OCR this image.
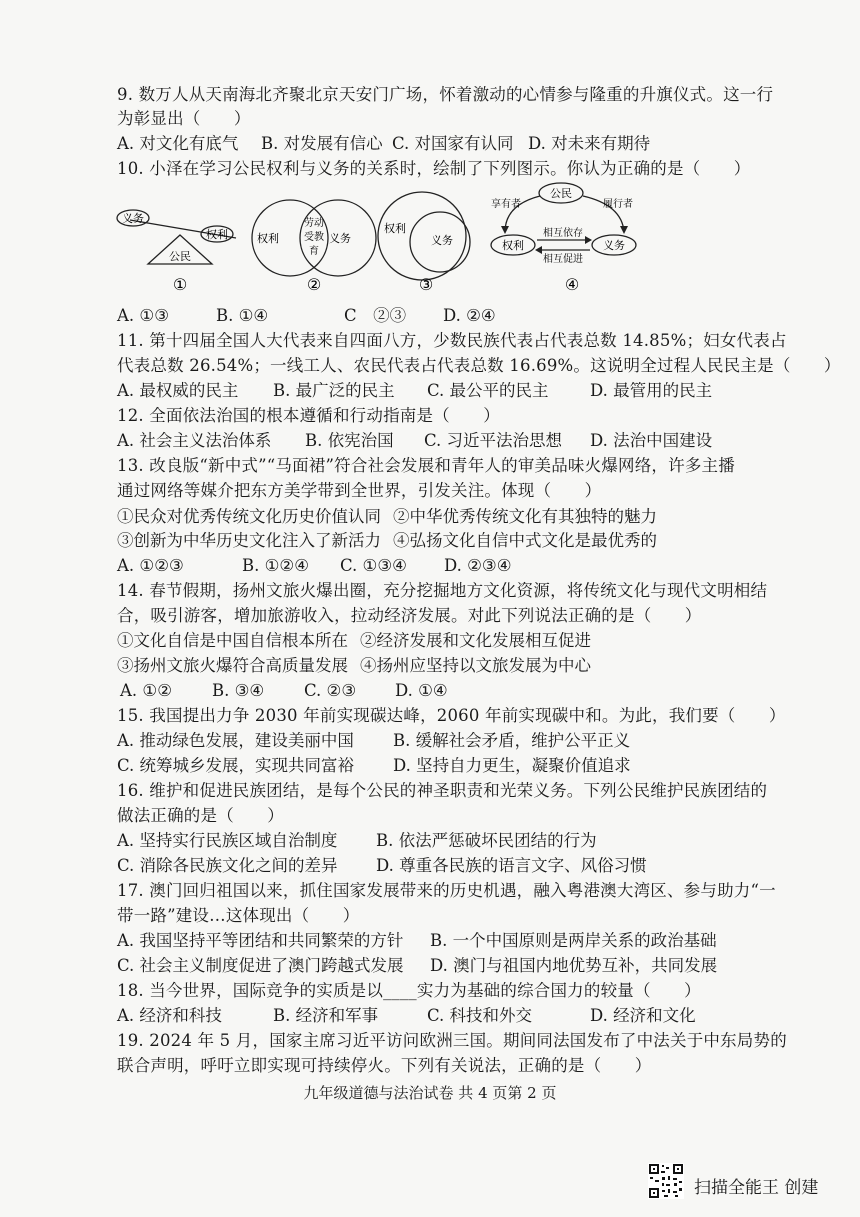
9. 数万人从天南海北齐聚北京天安门广场，怀着激动的心情参与隆重的升旗仪式。这一行
为彰显出（　　）
A. 对文化有底气 B. 对发展有信心 C. 对国家有认同 D. 对未来有期待
10. 小泽在学习公民权利与义务的关系时，绘制了下列图示。你认为正确的是（　　）
义务
权利
公民
①
权利
劳动
受教
育
义务
②
权利
义务
③
公民
享有者	履行者
权利	义务
相互依存
相互促进
④
A. ①③	B. ①④	C　②③ D. ②④
11. 第十四届全国人大代表来自四面八方，少数民族代表占代表总数 14.85%；妇女代表占
代表总数 26.54%；一线工人、农民代表占代表总数 16.69%。这说明全过程人民民主是（　　）
A. 最权威的民主 B. 最广泛的民主 C. 最公平的民主	D. 最管用的民主
12. 全面依法治国的根本遵循和行动指南是（　　）
A. 社会主义法治体系 B. 依宪治国 C. 习近平法治思想 D. 法治中国建设
13. 改良版“新中式”“马面裙”符合社会发展和青年人的审美品味火爆网络，许多主播
通过网络等媒介把东方美学带到全世界，引发关注。体现（　　）
①民众对优秀传统文化历史价值认同 ②中华优秀传统文化有其独特的魅力
③创新为中华历史文化注入了新活力 ④弘扬文化自信中式文化是最优秀的
A. ①②③	B. ①②④ C. ①③④ D. ②③④
14. 春节假期，扬州文旅火爆出圈，充分挖掘地方文化资源，将传统文化与现代文明相结
合，吸引游客，增加旅游收入，拉动经济发展。对此下列说法正确的是（　　）
①文化自信是中国自信根本所在 ②经济发展和文化发展相互促进
③扬州文旅火爆符合高质量发展 ④扬州应坚持以文旅发展为中心
A. ①② B. ③④ C. ②③ D. ①④
15. 我国提出力争 2030 年前实现碳达峰，2060 年前实现碳中和。为此，我们要（　　）
A. 推动绿色发展，建设美丽中国 B. 缓解社会矛盾，维护公平正义
C. 统筹城乡发展，实现共同富裕 D. 坚持自力更生，凝聚价值追求
16. 维护和促进民族团结，是每个公民的神圣职责和光荣义务。下列公民维护民族团结的
做法正确的是（　　）
A. 坚持实行民族区域自治制度 B. 依法严惩破坏民团结的行为
C. 消除各民族文化之间的差异 D. 尊重各民族的语言文字、风俗习惯
17. 澳门回归祖国以来，抓住国家发展带来的历史机遇，融入粤港澳大湾区、参与助力“一
带一路”建设…这体现出（　　）
A. 我国坚持平等团结和共同繁荣的方针 B. 一个中国原则是两岸关系的政治基础
C. 社会主义制度促进了澳门跨越式发展 D. 澳门与祖国内地优势互补，共同发展
18. 当今世界，国际竞争的实质是以____实力为基础的综合国力的较量（　　）
A. 经济和科技	B. 经济和军事	C. 科技和外交	D. 经济和文化
19. 2024 年 5 月，国家主席习近平访问欧洲三国。期间同法国发布了中法关于中东局势的
联合声明，呼吁立即实现可持续停火。下列有关说法，正确的是（　　）
九年级道德与法治试卷 共 4 页第 2 页
扫描全能王 创建
